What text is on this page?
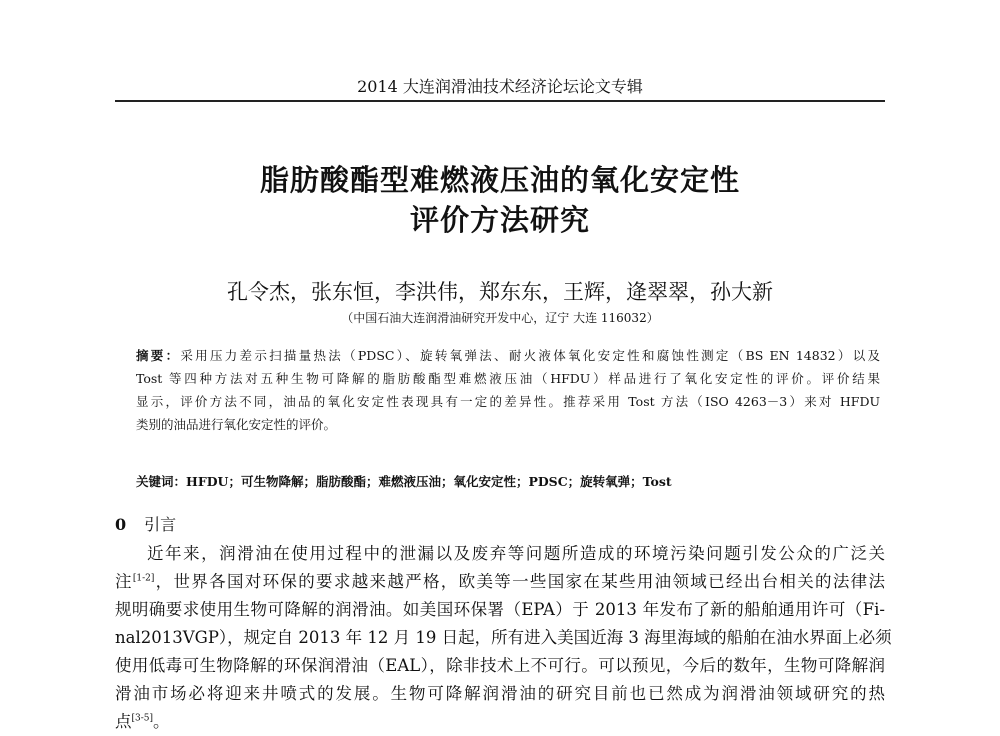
2014 大连润滑油技术经济论坛论文专辑
脂肪酸酯型难燃液压油的氧化安定性
评价方法研究
孔令杰，张东恒，李洪伟，郑东东，王辉，逄翠翠，孙大新
（中国石油大连润滑油研究开发中心，辽宁 大连 116032）
摘要：采用压力差示扫描量热法（PDSC）、旋转氧弹法、耐火液体氧化安定性和腐蚀性测定（BS EN 14832）以及
Tost 等四种方法对五种生物可降解的脂肪酸酯型难燃液压油（HFDU）样品进行了氧化安定性的评价。评价结果
显示，评价方法不同，油品的氧化安定性表现具有一定的差异性。推荐采用 Tost 方法（ISO 4263－3）来对 HFDU
类别的油品进行氧化安定性的评价。
关键词：HFDU；可生物降解；脂肪酸酯；难燃液压油；氧化安定性；PDSC；旋转氧弹；Tost
0 引言
近年来，润滑油在使用过程中的泄漏以及废弃等问题所造成的环境污染问题引发公众的广泛关
注[1-2]，世界各国对环保的要求越来越严格，欧美等一些国家在某些用油领域已经出台相关的法律法
规明确要求使用生物可降解的润滑油。如美国环保署（EPA）于 2013 年发布了新的船舶通用许可（Fi-
nal2013VGP），规定自 2013 年 12 月 19 日起，所有进入美国近海 3 海里海域的船舶在油水界面上必须
使用低毒可生物降解的环保润滑油（EAL），除非技术上不可行。可以预见，今后的数年，生物可降解润
滑油市场必将迎来井喷式的发展。生物可降解润滑油的研究目前也已然成为润滑油领域研究的热
点[3-5]。
